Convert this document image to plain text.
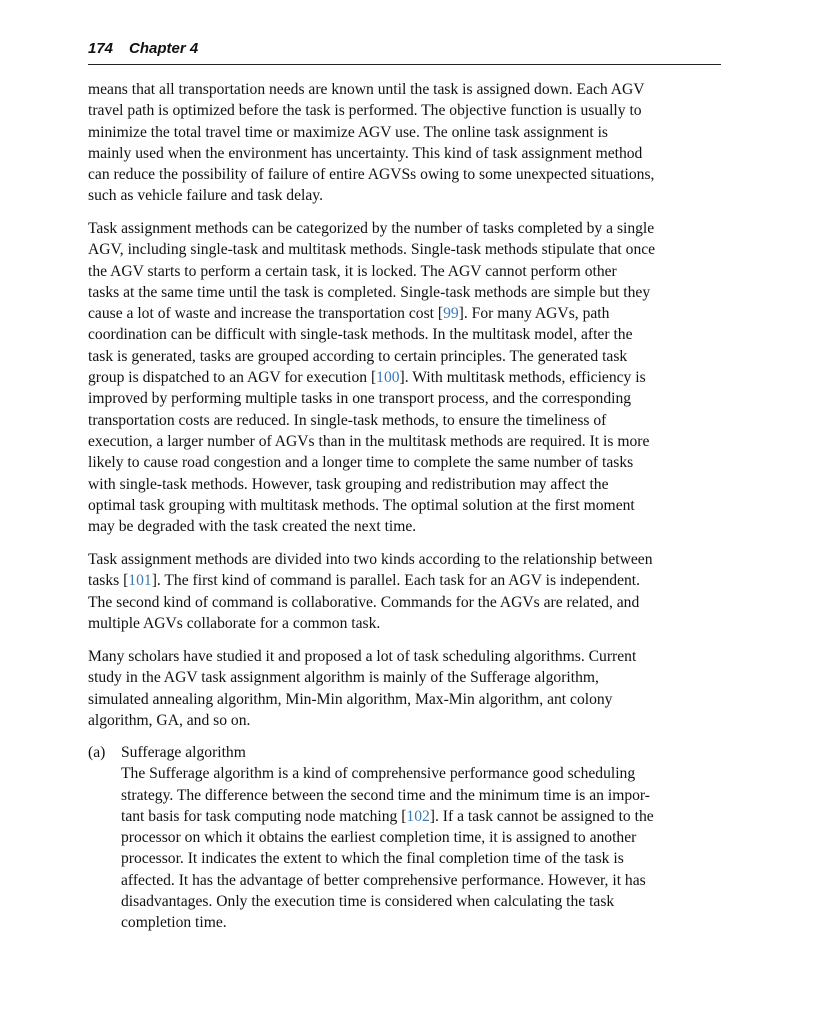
174 Chapter 4
means that all transportation needs are known until the task is assigned down. Each AGV
travel path is optimized before the task is performed. The objective function is usually to
minimize the total travel time or maximize AGV use. The online task assignment is
mainly used when the environment has uncertainty. This kind of task assignment method
can reduce the possibility of failure of entire AGVSs owing to some unexpected situations,
such as vehicle failure and task delay.
Task assignment methods can be categorized by the number of tasks completed by a single
AGV, including single-task and multitask methods. Single-task methods stipulate that once
the AGV starts to perform a certain task, it is locked. The AGV cannot perform other
tasks at the same time until the task is completed. Single-task methods are simple but they
cause a lot of waste and increase the transportation cost [99]. For many AGVs, path
coordination can be difficult with single-task methods. In the multitask model, after the
task is generated, tasks are grouped according to certain principles. The generated task
group is dispatched to an AGV for execution [100]. With multitask methods, efficiency is
improved by performing multiple tasks in one transport process, and the corresponding
transportation costs are reduced. In single-task methods, to ensure the timeliness of
execution, a larger number of AGVs than in the multitask methods are required. It is more
likely to cause road congestion and a longer time to complete the same number of tasks
with single-task methods. However, task grouping and redistribution may affect the
optimal task grouping with multitask methods. The optimal solution at the first moment
may be degraded with the task created the next time.
Task assignment methods are divided into two kinds according to the relationship between
tasks [101]. The first kind of command is parallel. Each task for an AGV is independent.
The second kind of command is collaborative. Commands for the AGVs are related, and
multiple AGVs collaborate for a common task.
Many scholars have studied it and proposed a lot of task scheduling algorithms. Current
study in the AGV task assignment algorithm is mainly of the Sufferage algorithm,
simulated annealing algorithm, Min-Min algorithm, Max-Min algorithm, ant colony
algorithm, GA, and so on.
(a) Sufferage algorithm
The Sufferage algorithm is a kind of comprehensive performance good scheduling
strategy. The difference between the second time and the minimum time is an impor-
tant basis for task computing node matching [102]. If a task cannot be assigned to the
processor on which it obtains the earliest completion time, it is assigned to another
processor. It indicates the extent to which the final completion time of the task is
affected. It has the advantage of better comprehensive performance. However, it has
disadvantages. Only the execution time is considered when calculating the task
completion time.
